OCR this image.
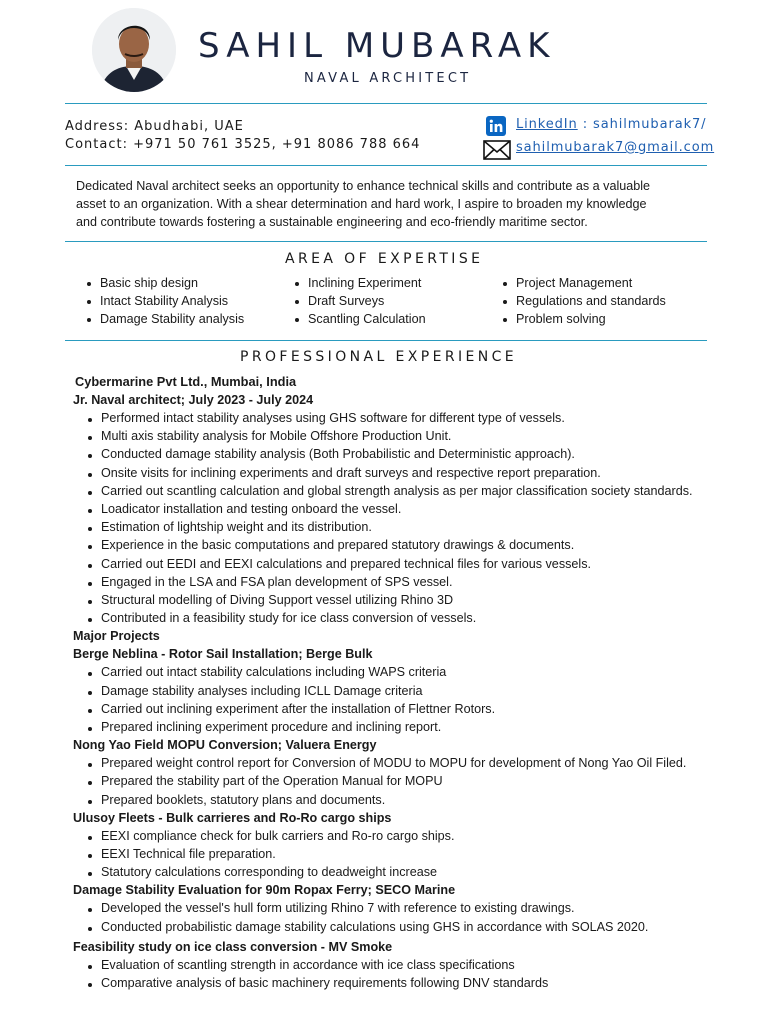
SAHIL MUBARAK
NAVAL ARCHITECT
Address: Abudhabi, UAE
Contact: +971 50 761 3525, +91 8086 788 664
LinkedIn : sahilmubarak7/
sahilmubarak7@gmail.com
Dedicated Naval architect seeks an opportunity to enhance technical skills and contribute as a valuable
asset to an organization. With a shear determination and hard work, I aspire to broaden my knowledge
and contribute towards fostering a sustainable engineering and eco-friendly maritime sector.
AREA OF EXPERTISE
Basic ship design
Intact Stability Analysis
Damage Stability analysis
Inclining Experiment
Draft Surveys
Scantling Calculation
Project Management
Regulations and standards
Problem solving
PROFESSIONAL EXPERIENCE
Cybermarine Pvt Ltd., Mumbai, India
Jr. Naval architect; July 2023 - July 2024
Performed intact stability analyses using GHS software for different type of vessels.
Multi axis stability analysis for Mobile Offshore Production Unit.
Conducted damage stability analysis (Both Probabilistic and Deterministic approach).
Onsite visits for inclining experiments and draft surveys and respective report preparation.
Carried out scantling calculation and global strength analysis as per major classification society standards.
Loadicator installation and testing onboard the vessel.
Estimation of lightship weight and its distribution.
Experience in the basic computations and prepared statutory drawings & documents.
Carried out EEDI and EEXI calculations and prepared technical files for various vessels.
Engaged in the LSA and FSA plan development of SPS vessel.
Structural modelling of Diving Support vessel utilizing Rhino 3D
Contributed in a feasibility study for ice class conversion of vessels.
Major Projects
Berge Neblina - Rotor Sail Installation; Berge Bulk
Carried out intact stability calculations including WAPS criteria
Damage stability analyses including ICLL Damage criteria
Carried out inclining experiment after the installation of Flettner Rotors.
Prepared inclining experiment procedure and inclining report.
Nong Yao Field MOPU Conversion; Valuera Energy
Prepared weight control report for Conversion of MODU to MOPU for development of Nong Yao Oil Filed.
Prepared the stability part of the Operation Manual for MOPU
Prepared booklets, statutory plans and documents.
Ulusoy Fleets - Bulk carrieres and Ro-Ro cargo ships
EEXI compliance check for bulk carriers and Ro-ro cargo ships.
EEXI Technical file preparation.
Statutory calculations corresponding to deadweight increase
Damage Stability Evaluation for 90m Ropax Ferry; SECO Marine
Developed the vessel's hull form utilizing Rhino 7 with reference to existing drawings.
Conducted probabilistic damage stability calculations using GHS in accordance with SOLAS 2020.
Feasibility study on ice class conversion - MV Smoke
Evaluation of scantling strength in accordance with ice class specifications
Comparative analysis of basic machinery requirements following DNV standards
